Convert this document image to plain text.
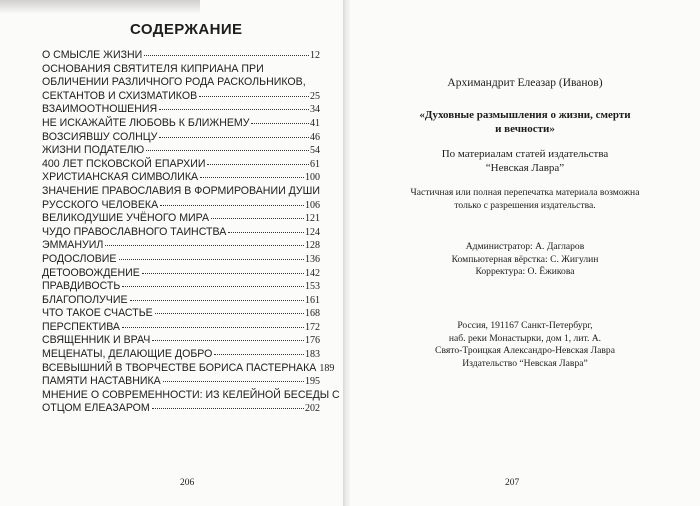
СОДЕРЖАНИЕ
О СМЫСЛЕ ЖИЗНИ	12
ОСНОВАНИЯ СВЯТИТЕЛЯ КИПРИАНА ПРИ
ОБЛИЧЕНИИ РАЗЛИЧНОГО РОДА РАСКОЛЬНИКОВ,
СЕКТАНТОВ И СХИЗМАТИКОВ	25
ВЗАИМООТНОШЕНИЯ	34
НЕ ИСКАЖАЙТЕ ЛЮБОВЬ К БЛИЖНЕМУ	41
ВОЗСИЯВШУ СОЛНЦУ	46
ЖИЗНИ ПОДАТЕЛЮ	54
400 ЛЕТ ПСКОВСКОЙ ЕПАРХИИ	61
ХРИСТИАНСКАЯ СИМВОЛИКА	100
ЗНАЧЕНИЕ ПРАВОСЛАВИЯ В ФОРМИРОВАНИИ ДУШИ
РУССКОГО ЧЕЛОВЕКА	106
ВЕЛИКОДУШИЕ УЧЁНОГО МИРА	121
ЧУДО ПРАВОСЛАВНОГО ТАИНСТВА	124
ЭММАНУИЛ	128
РОДОСЛОВИЕ	136
ДЕТООВОЖДЕНИЕ	142
ПРАВДИВОСТЬ	153
БЛАГОПОЛУЧИЕ	161
ЧТО ТАКОЕ СЧАСТЬЕ	168
ПЕРСПЕКТИВА	172
СВЯЩЕННИК И ВРАЧ	176
МЕЦЕНАТЫ, ДЕЛАЮЩИЕ ДОБРО	183
ВСЕВЫШНИЙ В ТВОРЧЕСТВЕ БОРИСА ПАСТЕРНАКА 189
ПАМЯТИ НАСТАВНИКА	195
МНЕНИЕ О СОВРЕМЕННОСТИ: ИЗ КЕЛЕЙНОЙ БЕСЕДЫ С
ОТЦОМ ЕЛЕАЗАРОМ	202
206
Архимандрит Елеазар (Иванов)
«Духовные размышления о жизни, смерти
и вечности»
По материалам статей издательства
“Невская Лавра”
Частичная или полная перепечатка материала возможна
только с разрешения издательства.
Администратор: А. Дагларов
Компьютерная вёрстка: С. Жигулин
Корректура: О. Ёжикова
Россия, 191167 Санкт-Петербург,
наб. реки Монастырки, дом 1, лит. А.
Свято-Троицкая Александро-Невская Лавра
Издательство “Невская Лавра”
207
